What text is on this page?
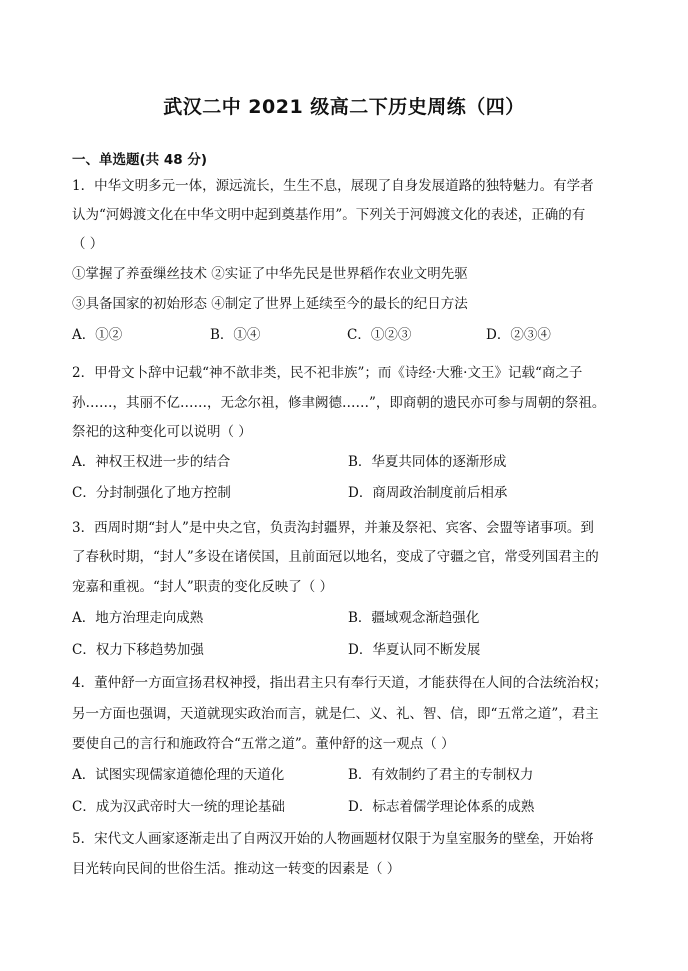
武汉二中 2021 级高二下历史周练（四）
一、单选题(共 48 分)
1．中华文明多元一体，源远流长，生生不息，展现了自身发展道路的独特魅力。有学者
认为“河姆渡文化在中华文明中起到奠基作用”。下列关于河姆渡文化的表述，正确的有
（ ）
①掌握了养蚕缫丝技术 ②实证了中华先民是世界稻作农业文明先驱
③具备国家的初始形态 ④制定了世界上延续至今的最长的纪日方法
A．①②	B．①④	C．①②③	D．②③④
2．甲骨文卜辞中记载“神不歆非类，民不祀非族”；而《诗经·大雅·文王》记载“商之子
孙……，其丽不亿……，无念尔祖，修聿阙德……”，即商朝的遗民亦可参与周朝的祭祖。
祭祀的这种变化可以说明（ ）
A．神权王权进一步的结合	B．华夏共同体的逐渐形成
C．分封制强化了地方控制	D．商周政治制度前后相承
3．西周时期“封人”是中央之官，负责沟封疆界，并兼及祭祀、宾客、会盟等诸事项。到
了春秋时期，“封人”多设在诸侯国，且前面冠以地名，变成了守疆之官，常受列国君主的
宠嘉和重视。“封人”职责的变化反映了（ ）
A．地方治理走向成熟	B．疆域观念渐趋强化
C．权力下移趋势加强	D．华夏认同不断发展
4．董仲舒一方面宣扬君权神授，指出君主只有奉行天道，才能获得在人间的合法统治权；
另一方面也强调，天道就现实政治而言，就是仁、义、礼、智、信，即“五常之道”，君主
要使自己的言行和施政符合“五常之道”。董仲舒的这一观点（ ）
A．试图实现儒家道德伦理的天道化	B．有效制约了君主的专制权力
C．成为汉武帝时大一统的理论基础	D．标志着儒学理论体系的成熟
5．宋代文人画家逐渐走出了自两汉开始的人物画题材仅限于为皇室服务的壁垒，开始将
目光转向民间的世俗生活。推动这一转变的因素是（ ）
